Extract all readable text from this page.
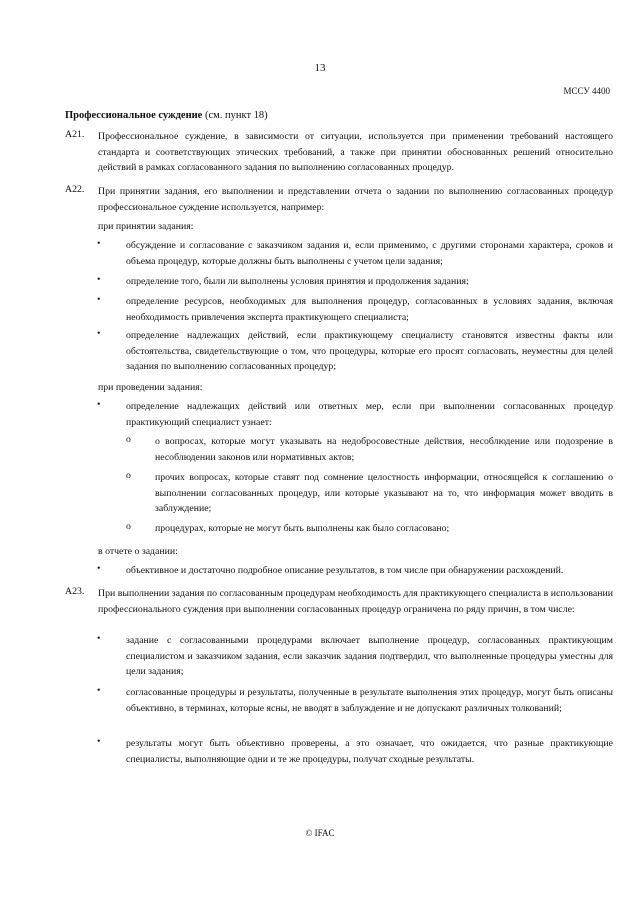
13
МССУ 4400
Профессиональное суждение (см. пункт 18)
A21. Профессиональное суждение, в зависимости от ситуации, используется при применении требований настоящего стандарта и соответствующих этических требований, а также при принятии обоснованных решений относительно действий в рамках согласованного задания по выполнению согласованных процедур.
A22. При принятии задания, его выполнении и представлении отчета о задании по выполнению согласованных процедур профессиональное суждение используется, например:
при принятии задания:
•	обсуждение и согласование с заказчиком задания и, если применимо, с другими сторонами характера, сроков и объема процедур, которые должны быть выполнены с учетом цели задания;
•	определение того, были ли выполнены условия принятия и продолжения задания;
•	определение ресурсов, необходимых для выполнения процедур, согласованных в условиях задания, включая необходимость привлечения эксперта практикующего специалиста;
•	определение надлежащих действий, если практикующему специалисту становятся известны факты или обстоятельства, свидетельствующие о том, что процедуры, которые его просят согласовать, неуместны для целей задания по выполнению согласованных процедур;
при проведении задания:
•	определение надлежащих действий или ответных мер, если при выполнении согласованных процедур практикующий специалист узнает:
o о вопросах, которые могут указывать на недобросовестные действия, несоблюдение или подозрение в несоблюдении законов или нормативных актов;
o прочих вопросах, которые ставят под сомнение целостность информации, относящейся к соглашению о выполнении согласованных процедур, или которые указывают на то, что информация может вводить в заблуждение;
o процедурах, которые не могут быть выполнены как было согласовано;
в отчете о задании:
•	объективное и достаточно подробное описание результатов, в том числе при обнаружении расхождений.
A23. При выполнении задания по согласованным процедурам необходимость для практикующего специалиста в использовании профессионального суждения при выполнении согласованных процедур ограничена по ряду причин, в том числе:
•	задание с согласованными процедурами включает выполнение процедур, согласованных практикующим специалистом и заказчиком задания, если заказчик задания подтвердил, что выполненные процедуры уместны для цели задания;
•	согласованные процедуры и результаты, полученные в результате выполнения этих процедур, могут быть описаны объективно, в терминах, которые ясны, не вводят в заблуждение и не допускают различных толкований;
•	результаты могут быть объективно проверены, а это означает, что ожидается, что разные практикующие специалисты, выполняющие одни и те же процедуры, получат сходные результаты.
© IFAC
